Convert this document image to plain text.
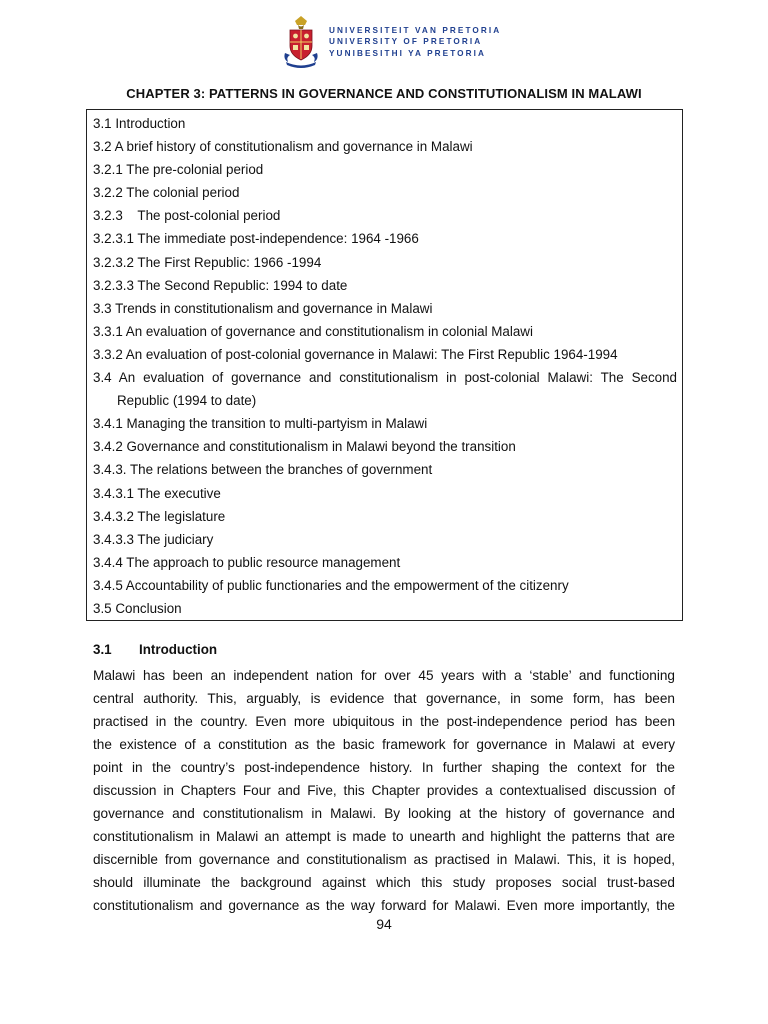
UNIVERSITEIT VAN PRETORIA
UNIVERSITY OF PRETORIA
YUNIBESITHI YA PRETORIA
CHAPTER 3: PATTERNS IN GOVERNANCE AND CONSTITUTIONALISM IN MALAWI
3.1 Introduction
3.2 A brief history of constitutionalism and governance in Malawi
3.2.1 The pre-colonial period
3.2.2 The colonial period
3.2.3    The post-colonial period
3.2.3.1 The immediate post-independence: 1964 -1966
3.2.3.2 The First Republic: 1966 -1994
3.2.3.3 The Second Republic: 1994 to date
3.3 Trends in constitutionalism and governance in Malawi
3.3.1 An evaluation of governance and constitutionalism in colonial Malawi
3.3.2 An evaluation of post-colonial governance in Malawi: The First Republic 1964-1994
3.4 An evaluation of governance and constitutionalism in post-colonial Malawi: The Second
Republic (1994 to date)
3.4.1 Managing the transition to multi-partyism in Malawi
3.4.2 Governance and constitutionalism in Malawi beyond the transition
3.4.3. The relations between the branches of government
3.4.3.1 The executive
3.4.3.2 The legislature
3.4.3.3 The judiciary
3.4.4 The approach to public resource management
3.4.5 Accountability of public functionaries and the empowerment of the citizenry
3.5 Conclusion
3.1 Introduction
Malawi has been an independent nation for over 45 years with a ‘stable’ and functioning
central authority. This, arguably, is evidence that governance, in some form, has been
practised in the country. Even more ubiquitous in the post-independence period has been
the existence of a constitution as the basic framework for governance in Malawi at every
point in the country’s post-independence history. In further shaping the context for the
discussion in Chapters Four and Five, this Chapter provides a contextualised discussion of
governance and constitutionalism in Malawi. By looking at the history of governance and
constitutionalism in Malawi an attempt is made to unearth and highlight the patterns that are
discernible from governance and constitutionalism as practised in Malawi. This, it is hoped,
should illuminate the background against which this study proposes social trust-based
constitutionalism and governance as the way forward for Malawi. Even more importantly, the
94
